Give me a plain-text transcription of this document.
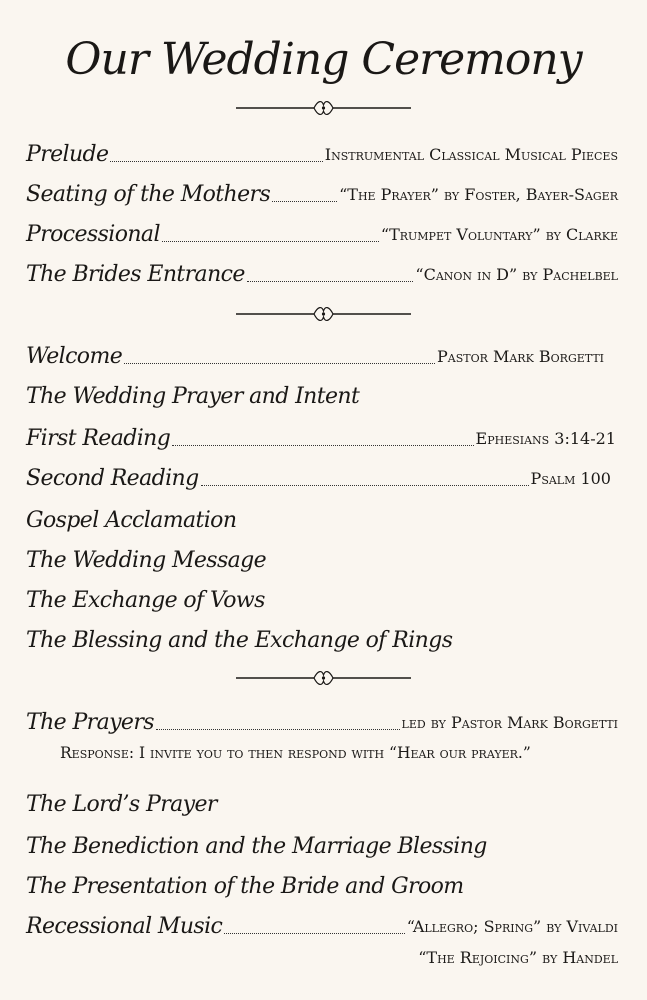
Our Wedding Ceremony
Prelude	Instrumental Classical Musical Pieces
Seating of the Mothers	“The Prayer” by Foster, Bayer-Sager
Processional	“Trumpet Voluntary” by Clarke
The Brides Entrance	“Canon in D” by Pachelbel
Welcome	Pastor Mark Borgetti
The Wedding Prayer and Intent
First Reading	Ephesians 3:14-21
Second Reading	Psalm 100
Gospel Acclamation
The Wedding Message
The Exchange of Vows
The Blessing and the Exchange of Rings
The Prayers	led by Pastor Mark Borgetti
Response: I invite you to then respond with “Hear our prayer.”
The Lord’s Prayer
The Benediction and the Marriage Blessing
The Presentation of the Bride and Groom
Recessional Music	“Allegro; Spring” by Vivaldi
“The Rejoicing” by Handel
